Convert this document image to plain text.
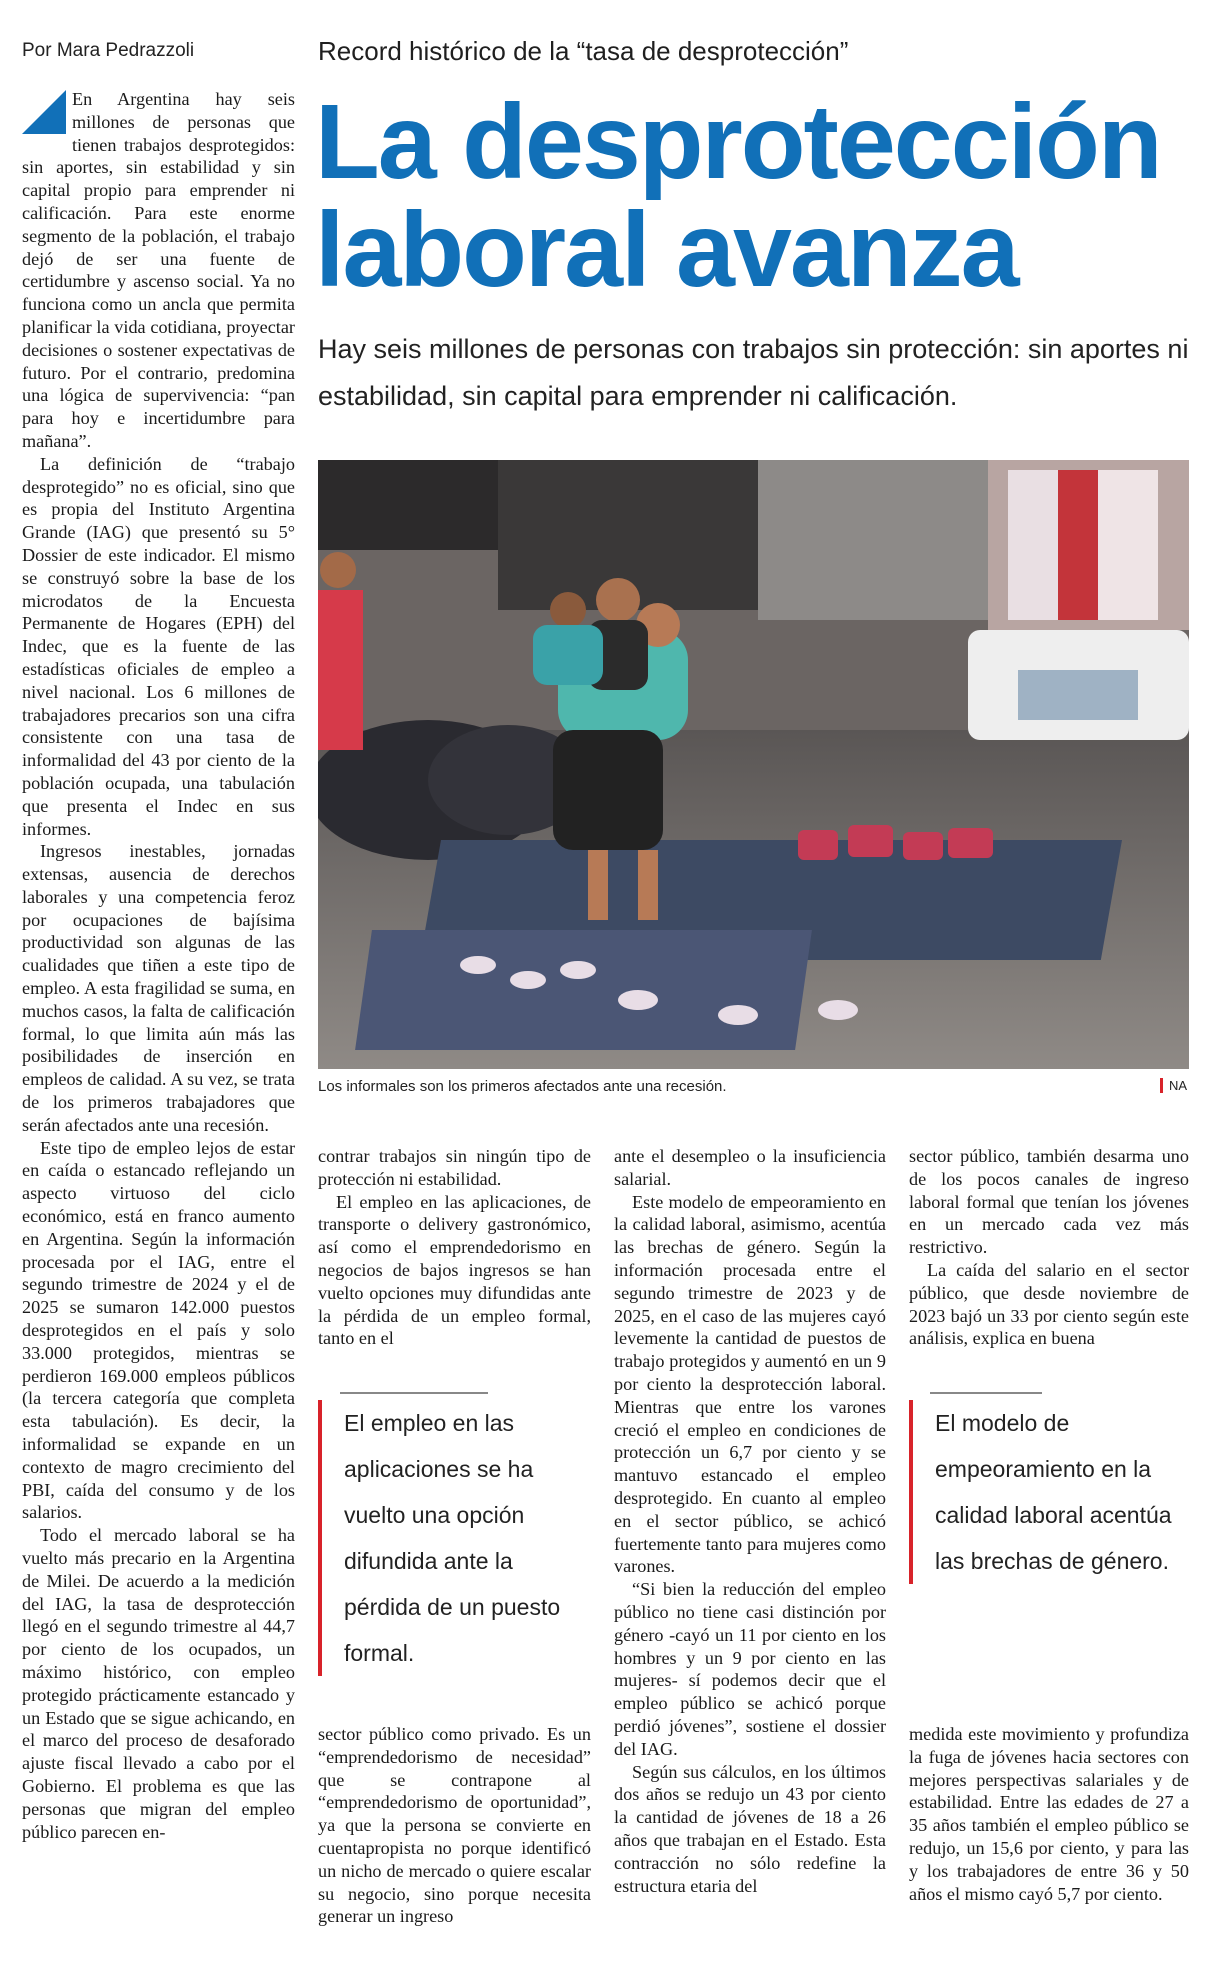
Por Mara Pedrazzoli	Record histórico de la “tasa de desprotección”
La desprotección laboral avanza
Hay seis millones de personas con trabajos sin protección: sin aportes ni estabilidad, sin capital para emprender ni calificación.

En Argentina hay seis millones de personas que tienen trabajos desprotegidos: sin aportes, sin estabilidad y sin capital propio para emprender ni calificación. Para este enorme segmento de la población, el trabajo dejó de ser una fuente de certidumbre y ascenso social. Ya no funciona como un ancla que permita planificar la vida cotidiana, proyectar decisiones o sostener expectativas de futuro. Por el contrario, predomina una lógica de supervivencia: “pan para hoy e incertidumbre para mañana”.

La definición de “trabajo desprotegido” no es oficial, sino que es propia del Instituto Argentina Grande (IAG) que presentó su 5° Dossier de este indicador. El mismo se construyó sobre la base de los microdatos de la Encuesta Permanente de Hogares (EPH) del Indec, que es la fuente de las estadísticas oficiales de empleo a nivel nacional. Los 6 millones de trabajadores precarios son una cifra consistente con una tasa de informalidad del 43 por ciento de la población ocupada, una tabulación que presenta el Indec en sus informes.

Ingresos inestables, jornadas extensas, ausencia de derechos laborales y una competencia feroz por ocupaciones de bajísima productividad son algunas de las cualidades que tiñen a este tipo de empleo. A esta fragilidad se suma, en muchos casos, la falta de calificación formal, lo que limita aún más las posibilidades de inserción en empleos de calidad. A su vez, se trata de los primeros trabajadores que serán afectados ante una recesión.

Este tipo de empleo lejos de estar en caída o estancado reflejando un aspecto virtuoso del ciclo económico, está en franco aumento en Argentina. Según la información procesada por el IAG, entre el segundo trimestre de 2024 y el de 2025 se sumaron 142.000 puestos desprotegidos en el país y solo 33.000 protegidos, mientras se perdieron 169.000 empleos públicos (la tercera categoría que completa esta tabulación). Es decir, la informalidad se expande en un contexto de magro crecimiento del PBI, caída del consumo y de los salarios.

Todo el mercado laboral se ha vuelto más precario en la Argentina de Milei. De acuerdo a la medición del IAG, la tasa de desprotección llegó en el segundo trimestre al 44,7 por ciento de los ocupados, un máximo histórico, con empleo protegido prácticamente estancado y un Estado que se sigue achicando, en el marco del proceso de desaforado ajuste fiscal llevado a cabo por el Gobierno. El problema es que las personas que migran del empleo público parecen en-

Los informales son los primeros afectados ante una recesión.	NA

contrar trabajos sin ningún tipo de protección ni estabilidad.

El empleo en las aplicaciones, de transporte o delivery gastronómico, así como el emprendedorismo en negocios de bajos ingresos se han vuelto opciones muy difundidas ante la pérdida de un empleo formal, tanto en el

El empleo en las aplicaciones se ha vuelto una opción difundida ante la pérdida de un puesto formal.

sector público como privado. Es un “emprendedorismo de necesidad” que se contrapone al “emprendedorismo de oportunidad”, ya que la persona se convierte en cuentapropista no porque identificó un nicho de mercado o quiere escalar su negocio, sino porque necesita generar un ingreso

ante el desempleo o la insuficiencia salarial.

Este modelo de empeoramiento en la calidad laboral, asimismo, acentúa las brechas de género. Según la información procesada entre el segundo trimestre de 2023 y de 2025, en el caso de las mujeres cayó levemente la cantidad de puestos de trabajo protegidos y aumentó en un 9 por ciento la desprotección laboral. Mientras que entre los varones creció el empleo en condiciones de protección un 6,7 por ciento y se mantuvo estancado el empleo desprotegido. En cuanto al empleo en el sector público, se achicó fuertemente tanto para mujeres como varones.

“Si bien la reducción del empleo público no tiene casi distinción por género -cayó un 11 por ciento en los hombres y un 9 por ciento en las mujeres- sí podemos decir que el empleo público se achicó porque perdió jóvenes”, sostiene el dossier del IAG.

Según sus cálculos, en los últimos dos años se redujo un 43 por ciento la cantidad de jóvenes de 18 a 26 años que trabajan en el Estado. Esta contracción no sólo redefine la estructura etaria del

sector público, también desarma uno de los pocos canales de ingreso laboral formal que tenían los jóvenes en un mercado cada vez más restrictivo.

La caída del salario en el sector público, que desde noviembre de 2023 bajó un 33 por ciento según este análisis, explica en buena

El modelo de empeoramiento en la calidad laboral acentúa las brechas de género.

medida este movimiento y profundiza la fuga de jóvenes hacia sectores con mejores perspectivas salariales y de estabilidad. Entre las edades de 27 a 35 años también el empleo público se redujo, un 15,6 por ciento, y para las y los trabajadores de entre 36 y 50 años el mismo cayó 5,7 por ciento.
